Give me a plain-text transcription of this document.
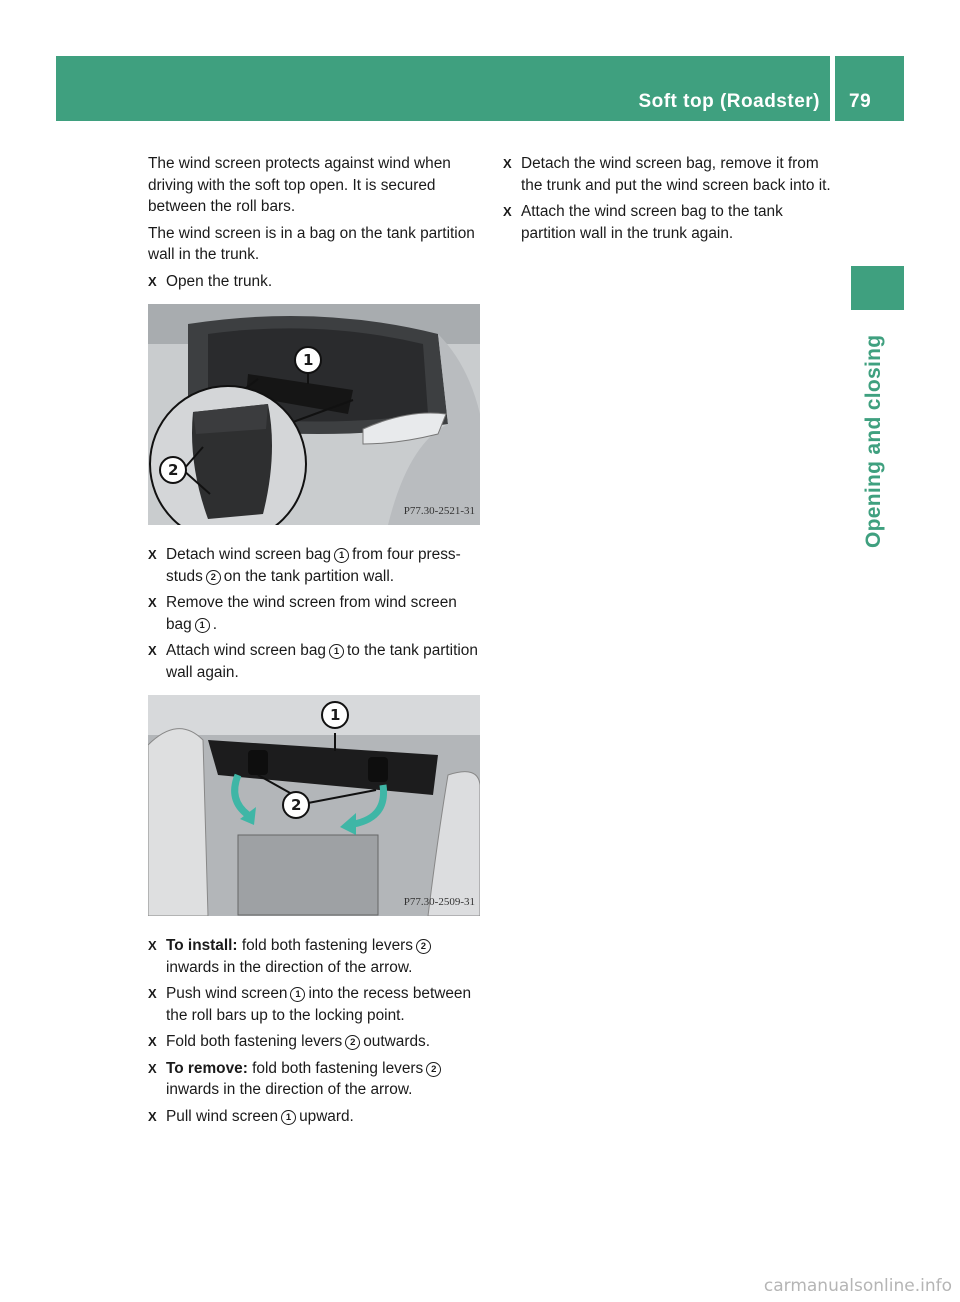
Soft top (Roadster) 79
Opening and closing

The wind screen protects against wind when driving with the soft top open. It is secured between the roll bars.

The wind screen is in a bag on the tank partition wall in the trunk.

X Open the trunk.
1
2
P77.30-2521-31
X Detach wind screen bag 1 from four press-studs 2 on the tank partition wall.
X Remove the wind screen from wind screen bag 1 .
X Attach wind screen bag 1 to the tank partition wall again.
1
2
P77.30-2509-31
X To install: fold both fastening levers 2 inwards in the direction of the arrow.
X Push wind screen 1 into the recess between the roll bars up to the locking point.
X Fold both fastening levers 2 outwards.
X To remove: fold both fastening levers 2 inwards in the direction of the arrow.
X Pull wind screen 1 upward.
X Detach the wind screen bag, remove it from the trunk and put the wind screen back into it.
X Attach the wind screen bag to the tank partition wall in the trunk again.
carmanualsonline.info
